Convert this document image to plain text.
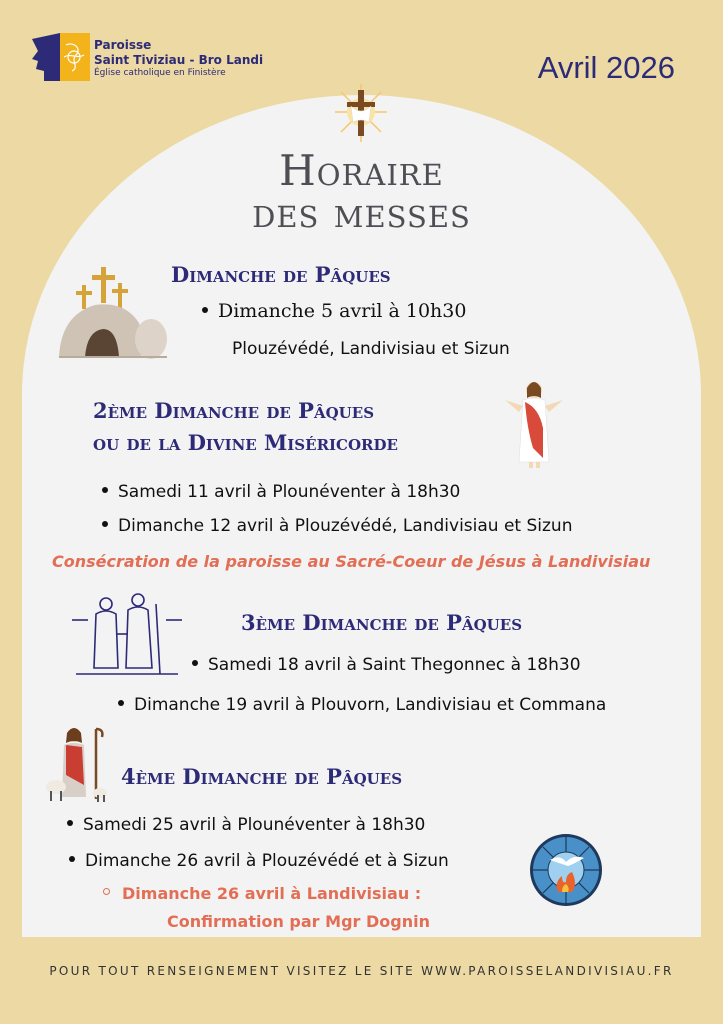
Paroisse
Saint Tiviziau - Bro Landi
Église catholique en Finistère	Avril 2026
Horaire
des messes
Dimanche de Pâques
Dimanche 5 avril à 10h30
Plouzévédé, Landivisiau et Sizun
2ème Dimanche de Pâques
ou de la Divine Miséricorde
Samedi 11 avril à Plounéventer à 18h30
Dimanche 12 avril à Plouzévédé, Landivisiau et Sizun
Consécration de la paroisse au Sacré-Coeur de Jésus à Landivisiau
3ème Dimanche de Pâques
Samedi 18 avril à Saint Thegonnec à 18h30
Dimanche 19 avril à Plouvorn, Landivisiau et Commana
4ème Dimanche de Pâques
Samedi 25 avril à Plounéventer à 18h30
Dimanche 26 avril à Plouzévédé et à Sizun
Dimanche 26 avril à Landivisiau :
Confirmation par Mgr Dognin
POUR TOUT RENSEIGNEMENT VISITEZ LE SITE WWW.PAROISSELANDIVISIAU.FR
